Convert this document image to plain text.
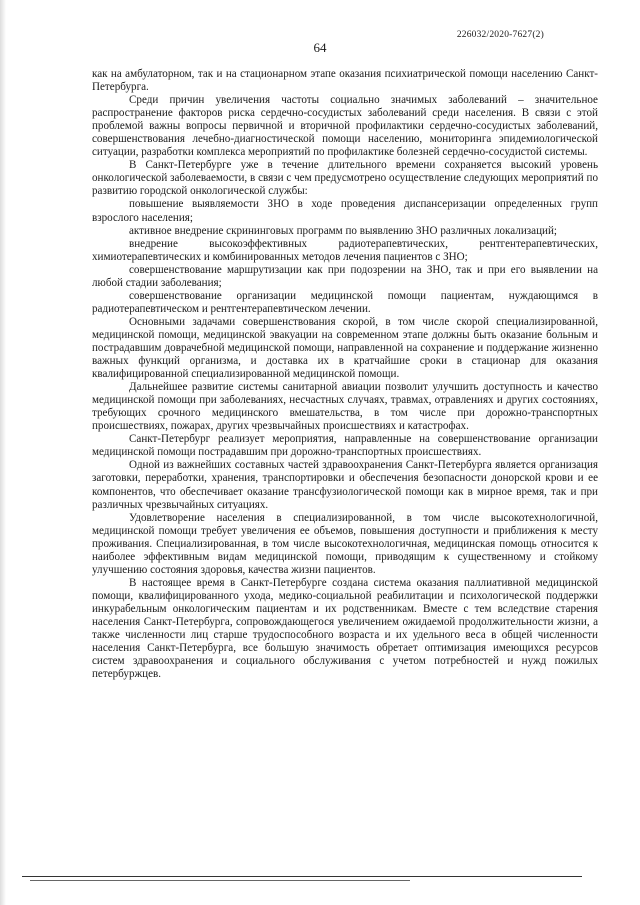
226032/2020-7627(2)
64

как на амбулаторном, так и на стационарном этапе оказания психиатрической помощи населению Санкт-Петербурга.

Среди причин увеличения частоты социально значимых заболеваний – значительное распространение факторов риска сердечно-сосудистых заболеваний среди населения. В связи с этой проблемой важны вопросы первичной и вторичной профилактики сердечно-сосудистых заболеваний, совершенствования лечебно-диагностической помощи населению, мониторинга эпидемиологической ситуации, разработки комплекса мероприятий по профилактике болезней сердечно-сосудистой системы.

В Санкт-Петербурге уже в течение длительного времени сохраняется высокий уровень онкологической заболеваемости, в связи с чем предусмотрено осуществление следующих мероприятий по развитию городской онкологической службы:

повышение выявляемости ЗНО в ходе проведения диспансеризации определенных групп взрослого населения;

активное внедрение скрининговых программ по выявлению ЗНО различных локализаций;

внедрение высокоэффективных радиотерапевтических, рентгентерапевтических, химиотерапевтических и комбинированных методов лечения пациентов с ЗНО;

совершенствование маршрутизации как при подозрении на ЗНО, так и при его выявлении на любой стадии заболевания;

совершенствование организации медицинской помощи пациентам, нуждающимся в радиотерапевтическом и рентгентерапевтическом лечении.

Основными задачами совершенствования скорой, в том числе скорой специализированной, медицинской помощи, медицинской эвакуации на современном этапе должны быть оказание больным и пострадавшим доврачебной медицинской помощи, направленной на сохранение и поддержание жизненно важных функций организма, и доставка их в кратчайшие сроки в стационар для оказания квалифицированной специализированной медицинской помощи.

Дальнейшее развитие системы санитарной авиации позволит улучшить доступность и качество медицинской помощи при заболеваниях, несчастных случаях, травмах, отравлениях и других состояниях, требующих срочного медицинского вмешательства, в том числе при дорожно-транспортных происшествиях, пожарах, других чрезвычайных происшествиях и катастрофах.

Санкт-Петербург реализует мероприятия, направленные на совершенствование организации медицинской помощи пострадавшим при дорожно-транспортных происшествиях.

Одной из важнейших составных частей здравоохранения Санкт-Петербурга является организация заготовки, переработки, хранения, транспортировки и обеспечения безопасности донорской крови и ее компонентов, что обеспечивает оказание трансфузиологической помощи как в мирное время, так и при различных чрезвычайных ситуациях.

Удовлетворение населения в специализированной, в том числе высокотехнологичной, медицинской помощи требует увеличения ее объемов, повышения доступности и приближения к месту проживания. Специализированная, в том числе высокотехнологичная, медицинская помощь относится к наиболее эффективным видам медицинской помощи, приводящим к существенному и стойкому улучшению состояния здоровья, качества жизни пациентов.

В настоящее время в Санкт-Петербурге создана система оказания паллиативной медицинской помощи, квалифицированного ухода, медико-социальной реабилитации и психологической поддержки инкурабельным онкологическим пациентам и их родственникам. Вместе с тем вследствие старения населения Санкт-Петербурга, сопровождающегося увеличением ожидаемой продолжительности жизни, а также численности лиц старше трудоспособного возраста и их удельного веса в общей численности населения Санкт-Петербурга, все большую значимость обретает оптимизация имеющихся ресурсов систем здравоохранения и социального обслуживания с учетом потребностей и нужд пожилых петербуржцев.
